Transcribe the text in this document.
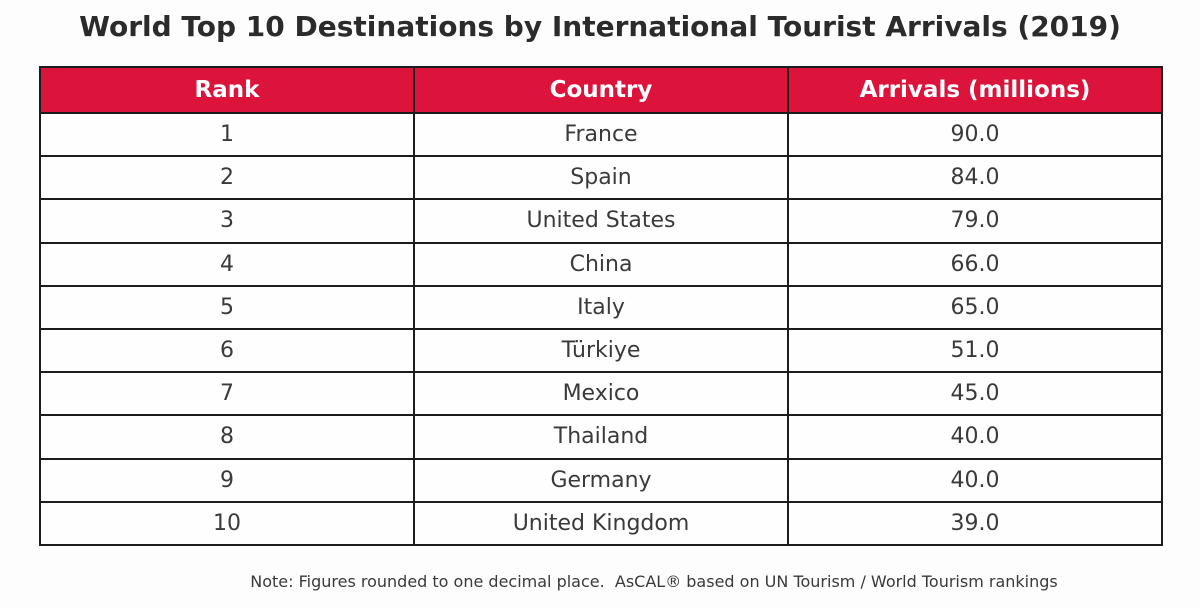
World Top 10 Destinations by International Tourist Arrivals (2019)
Rank	Country	Arrivals (millions)
1	France	90.0
2	Spain	84.0
3	United States	79.0
4	China	66.0
5	Italy	65.0
6	Türkiye	51.0
7	Mexico	45.0
8	Thailand	40.0
9	Germany	40.0
10	United Kingdom	39.0
Note: Figures rounded to one decimal place.  AsCAL® based on UN Tourism / World Tourism rankings
